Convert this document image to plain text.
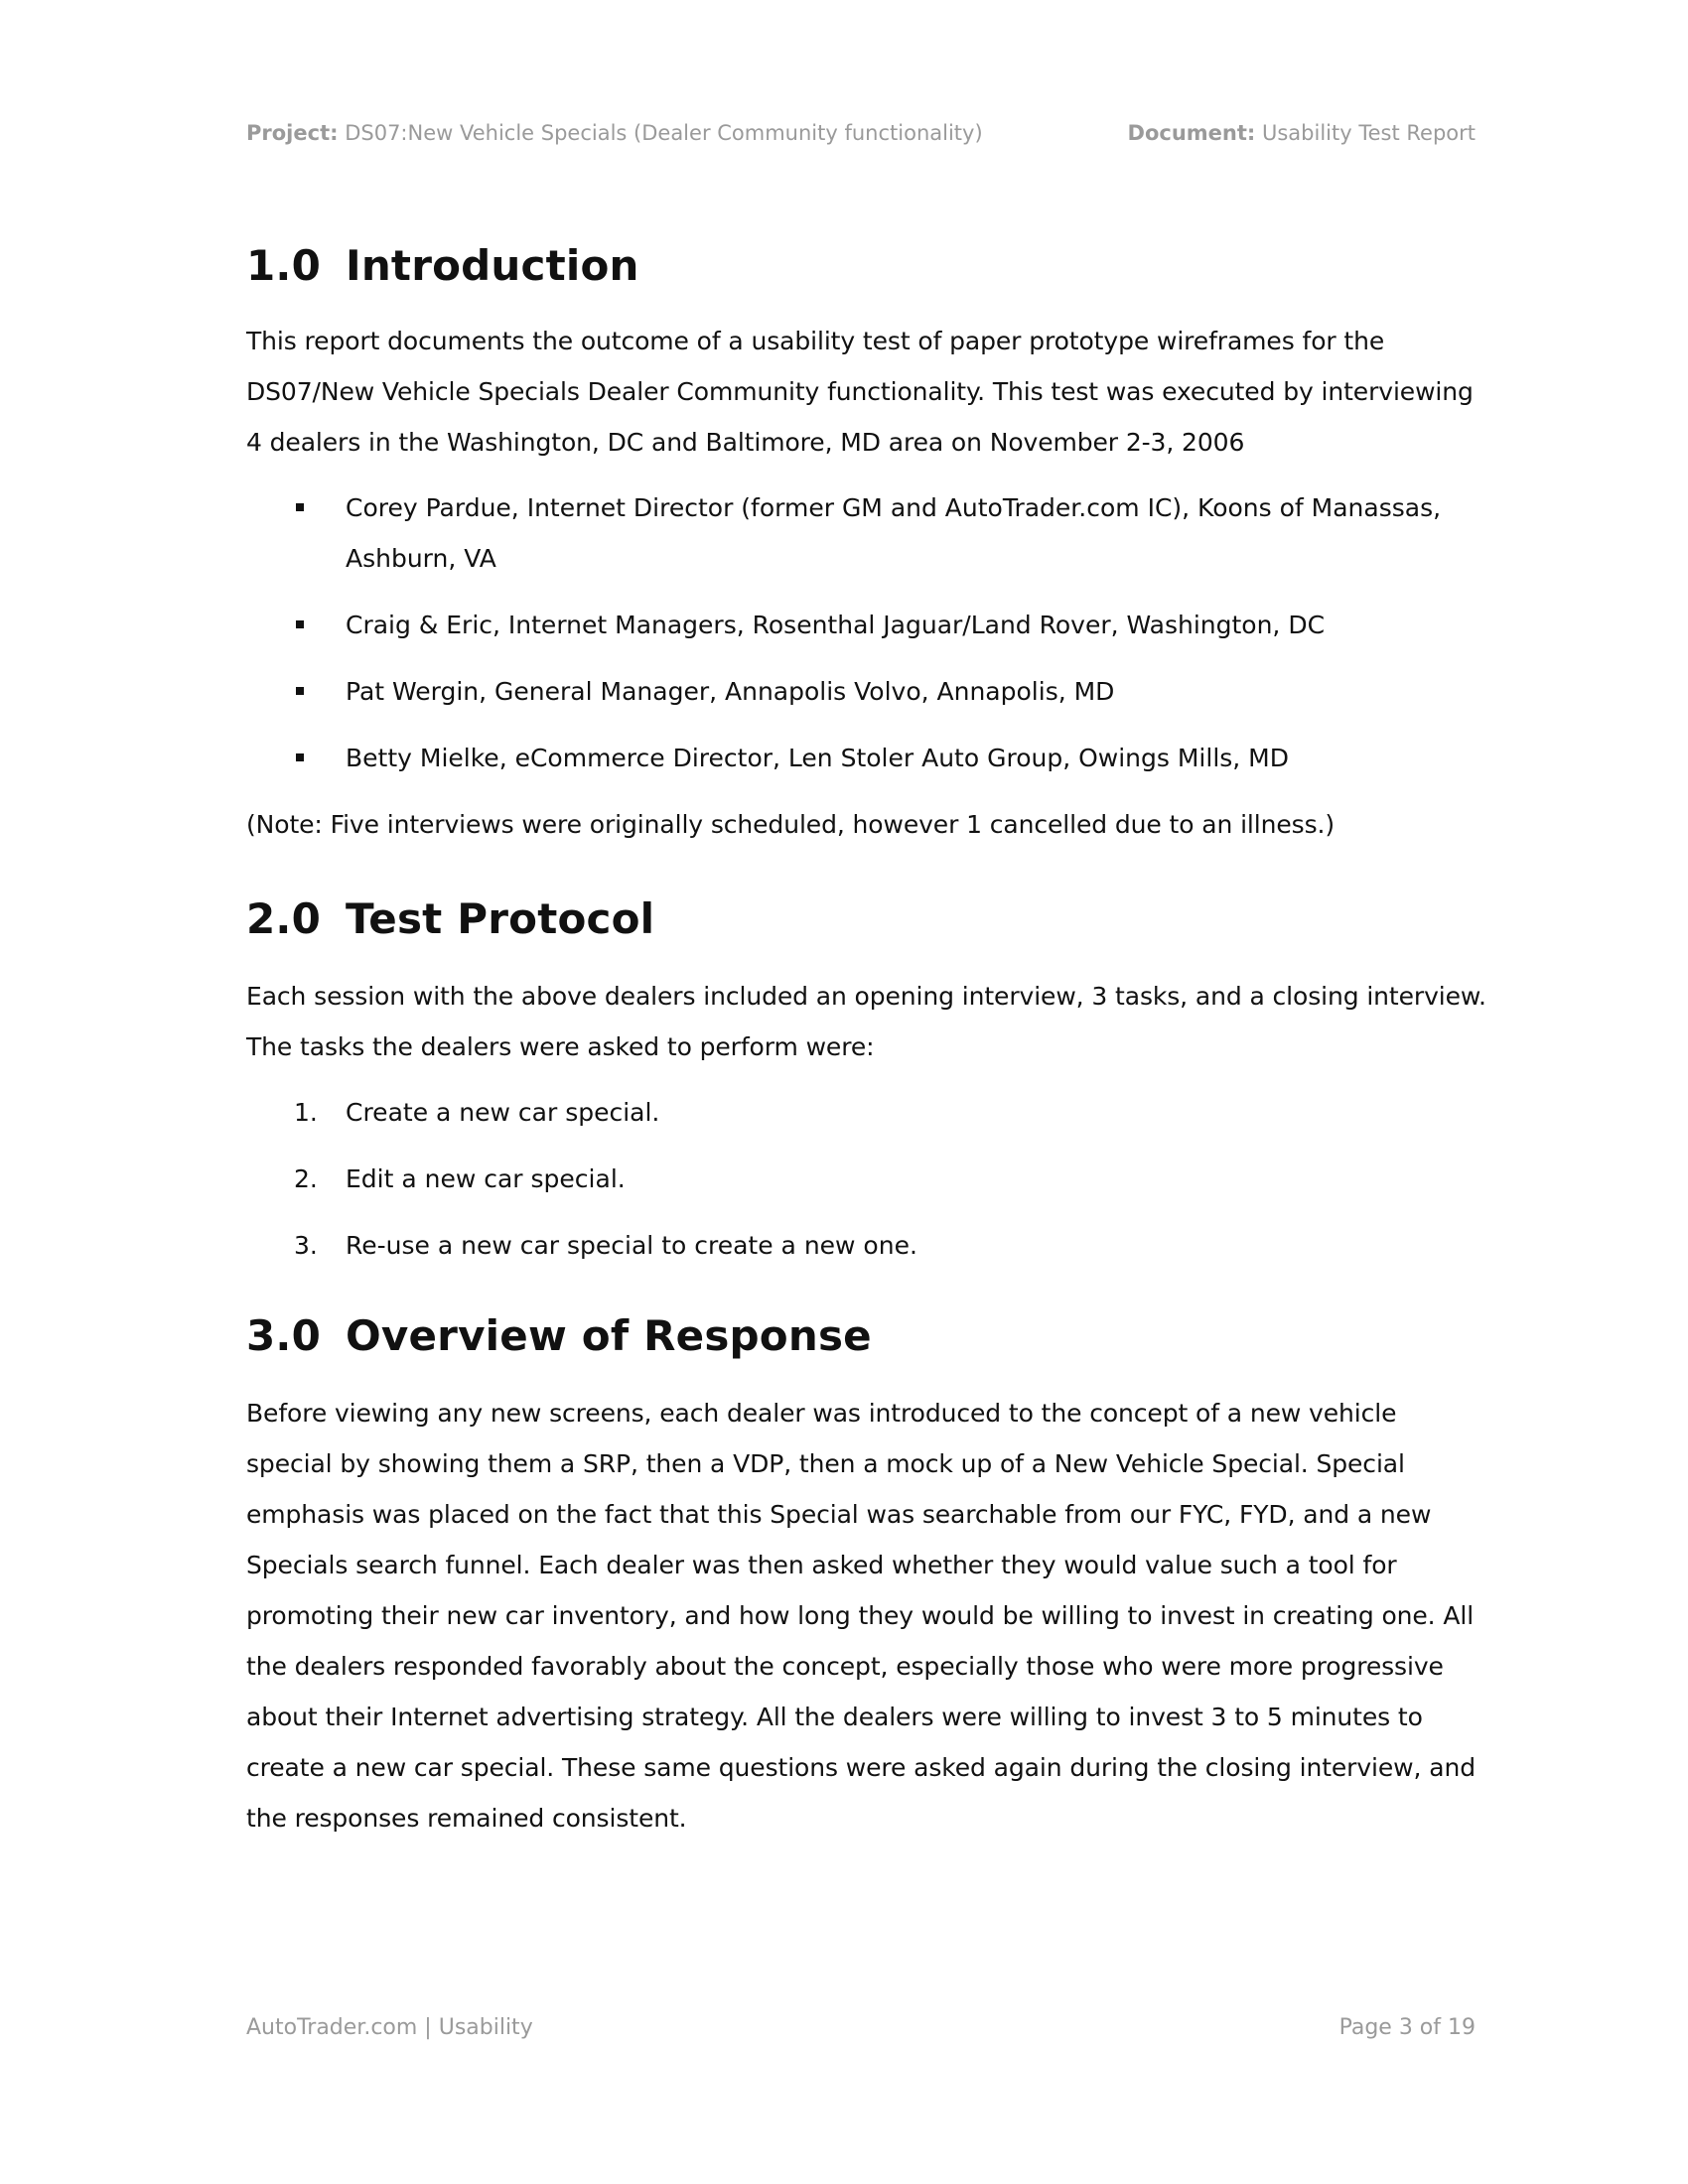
Project: DS07:New Vehicle Specials (Dealer Community functionality)	Document: Usability Test Report
1.0 Introduction

This report documents the outcome of a usability test of paper prototype wireframes for the DS07/New Vehicle Specials Dealer Community functionality. This test was executed by interviewing 4 dealers in the Washington, DC and Baltimore, MD area on November 2-3, 2006

Corey Pardue, Internet Director (former GM and AutoTrader.com IC), Koons of Manassas, Ashburn, VA
Craig & Eric, Internet Managers, Rosenthal Jaguar/Land Rover, Washington, DC
Pat Wergin, General Manager, Annapolis Volvo, Annapolis, MD
Betty Mielke, eCommerce Director, Len Stoler Auto Group, Owings Mills, MD

(Note: Five interviews were originally scheduled, however 1 cancelled due to an illness.)

2.0 Test Protocol

Each session with the above dealers included an opening interview, 3 tasks, and a closing interview. The tasks the dealers were asked to perform were:

1. Create a new car special.
2. Edit a new car special.
3. Re-use a new car special to create a new one.
3.0 Overview of Response

Before viewing any new screens, each dealer was introduced to the concept of a new vehicle special by showing them a SRP, then a VDP, then a mock up of a New Vehicle Special. Special emphasis was placed on the fact that this Special was searchable from our FYC, FYD, and a new Specials search funnel. Each dealer was then asked whether they would value such a tool for promoting their new car inventory, and how long they would be willing to invest in creating one. All the dealers responded favorably about the concept, especially those who were more progressive about their Internet advertising strategy. All the dealers were willing to invest 3 to 5 minutes to create a new car special. These same questions were asked again during the closing interview, and the responses remained consistent.

AutoTrader.com | Usability	Page 3 of 19
